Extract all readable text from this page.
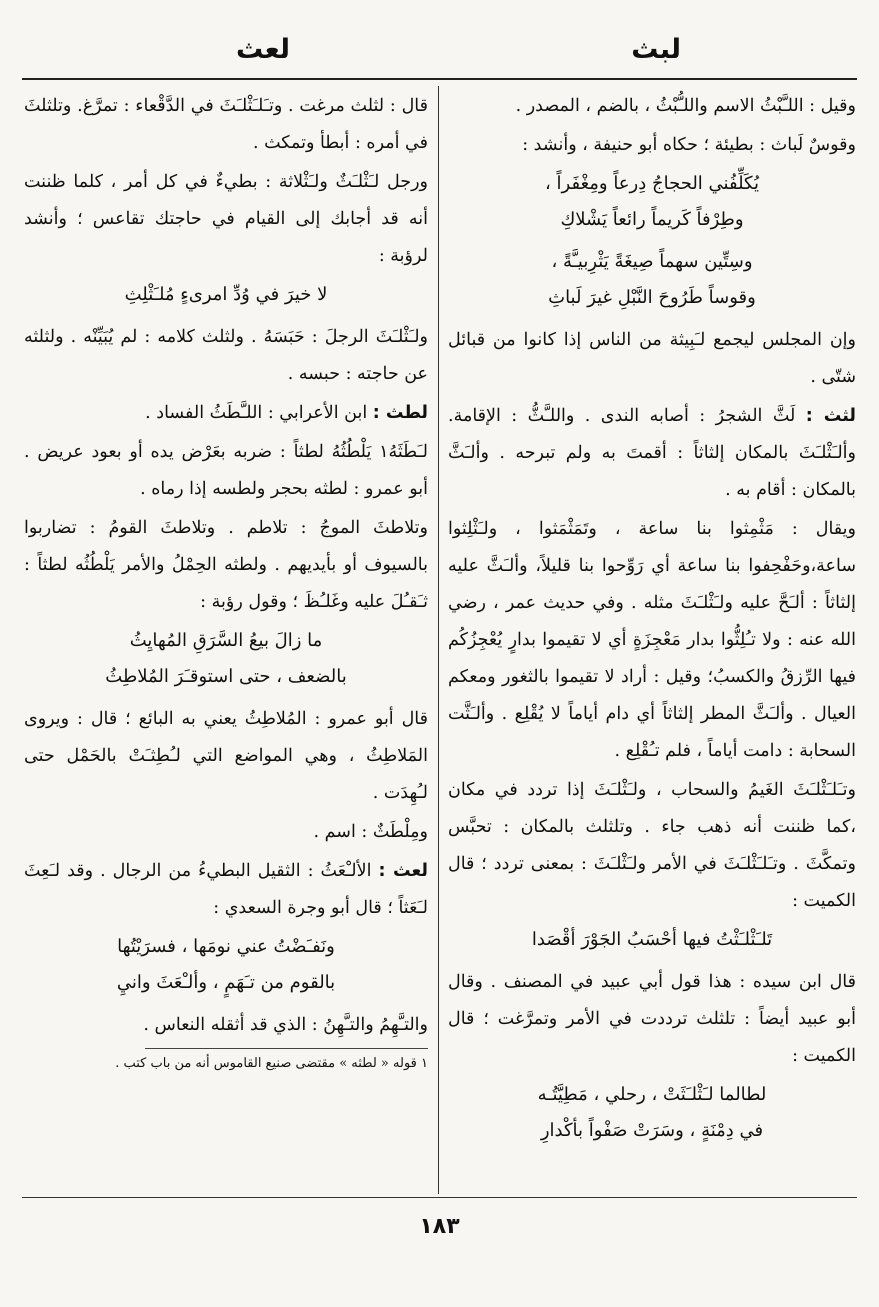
لبث
لعث

وقيل : اللـَّبْثُ الاسم واللـُّبْثُ ، بالضم ، المصدر .

وقوسٌ لَباث : بطيئة ؛ حكاه أبو حنيفة ، وأنشد :

يُكَلِّفُني الحجاجُ دِرعاً ومِغْفَراً ،
وطِرْفاً كَريماً رائعاً يَشْلاكِ
وسِتِّين سهماً صِيغَةً يَثْرِبيـَّةً ،
وقوساً طَرُوحَ النَّبْلِ غيرَ لَباثِ

وإن المجلس ليجمع لـَبِيثة من الناس إذا كانوا من قبائل شتّى .

لثث : لَثَّ الشجرُ : أصابه الندى . واللـَّثُّ : الإقامة. وألـَثْلـَثَ بالمكان إلثاثاً : أقمتَ به ولم تبرحه . وألـَثَّ بالمكان : أقام به .

ويقال : مَثْمِثوا بنا ساعة ، وتَمَثْمَثوا ، ولـَثْلِثوا ساعة،وحَفْحِفوا بنا ساعة أي رَوِّحوا بنا قليلاً، وألـَثَّ عليه إلثاثاً : ألـَحَّ عليه ولـَثْلـَثَ مثله . وفي حديث عمر ، رضي الله عنه : ولا تـُلِثُّوا بدار مَعْجِزَةٍ أي لا تقيموا بدارٍ يُعْجِزُكُم فيها الرِّزقُ والكسبُ؛ وقيل : أراد لا تقيموا بالثغور ومعكم العيال . وألـَثَّ المطر إلثاثاً أي دام أياماً لا يُقْلِع . وألـَثَّت السحابة : دامت أياماً ، فلم تـُقْلِع .

وتـَلـَثْلـَثَ الغَيمُ والسحاب ، ولـَثْلـَثَ إذا تردد في مكان ،كما ظننت أنه ذهب جاء . وتلثلث بالمكان : تحبَّس وتمكَّثَ . وتـَلـَثْلـَثَ في الأمر ولـَثْلـَثَ : بمعنى تردد ؛ قال الكميت :

تَلـَثْلـَثْتُ فيها أحْسَبُ الجَوْرَ أقْصَدا

قال ابن سيده : هذا قول أبي عبيد في المصنف . وقال أبو عبيد أيضاً : تلثلث ترددت في الأمر وتمرَّغت ؛ قال الكميت :

لطالما لـَثْلـَثَتْ ، رحلي ، مَطِيَّتُـه
في دِمْنَةٍ ، وسَرَتْ صَفْواً بأكْدارِ

قال : لثلث مرغت . وتـَلـَثْلـَثَ في الدَّقْعاء : تمرَّغ. وتلثلثَ في أمره : أبطأ وتمكث .

ورجل لـَثْلـَثٌ ولـَثْلاثة : بطيءٌ في كل أمر ، كلما ظننت أنه قد أجابك إلى القيام في حاجتك تقاعس ؛ وأنشد لرؤبة :

لا خيرَ في وُدِّ امرىءٍ مُلـَثْلِثِ

ولـَثْلـَثَ الرجلَ : حَبَسَهُ . ولثلث كلامه : لم يُبَيِّنْه . ولثلثه عن حاجته : حبسه .

لطث : ابن الأعرابي : اللـَّطَثُ الفساد .

لـَطَثَهُ١ يَلْطُثُهُ لطثاً : ضربه بعَرْض يده أو بعود عريض . أبو عمرو : لطثه بحجر ولطسه إذا رماه .

وتلاطثَ الموجُ : تلاطم . وتلاطثَ القومُ : تضاربوا بالسيوف أو بأيديهم . ولطثه الحِمْلُ والأمر يَلْطُثُه لطثاً : ثـَقـُلَ عليه وغَلـُظَ ؛ وقول رؤبة :

ما زالَ بيعُ السَّرَقِ المُهايِثُ
بالضعف ، حتى استوقـَرَ المُلاطِثُ

قال أبو عمرو : المُلاطِثُ يعني به البائع ؛ قال : ويروى المَلاطِثُ ، وهي المواضع التي لـُطِثـَتْ بالحَمْل حتى لـُهِدَت .

ومِلْطَثٌ : اسم .

لعث : الألـْعَثُ : الثقيل البطيءُ من الرجال . وقد لـَعِثَ لـَعَثاً ؛ قال أبو وجرة السعدي :

ونَفـَضْتُ عني نومَها ، فسرَيْتُها
بالقوم من تـَهَمٍ ، وألـْعَثَ وانيِ

والتـَّهِمُ والتـَّهِنُ : الذي قد أثقله النعاس .

١ قوله « لطثه » مقتضى صنيع القاموس أنه من باب كتب .

١٨٣
